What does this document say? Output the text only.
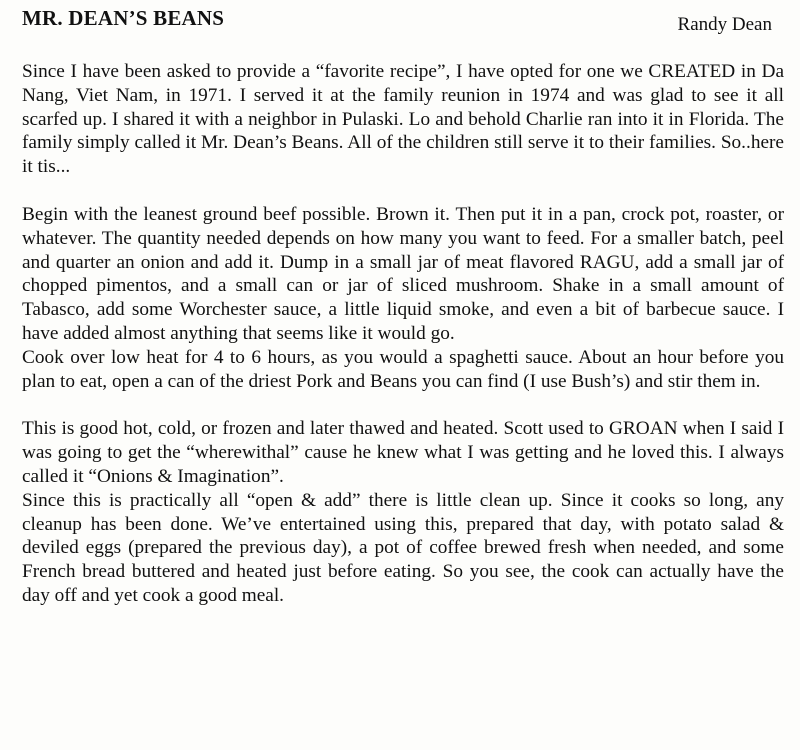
MR. DEAN’S BEANS	Randy Dean

Since I have been asked to provide a “favorite recipe”, I have opted for one we CREATED in Da Nang, Viet Nam, in 1971. I served it at the family reunion in 1974 and was glad to see it all scarfed up. I shared it with a neighbor in Pulaski. Lo and behold Charlie ran into it in Florida. The family simply called it Mr. Dean’s Beans. All of the children still serve it to their families. So..here it tis...

Begin with the leanest ground beef possible. Brown it. Then put it in a pan, crock pot, roaster, or whatever. The quantity needed depends on how many you want to feed. For a smaller batch, peel and quarter an onion and add it. Dump in a small jar of meat flavored RAGU, add a small jar of chopped pimentos, and a small can or jar of sliced mushroom. Shake in a small amount of Tabasco, add some Worchester sauce, a little liquid smoke, and even a bit of barbecue sauce. I have added almost anything that seems like it would go.

Cook over low heat for 4 to 6 hours, as you would a spaghetti sauce. About an hour before you plan to eat, open a can of the driest Pork and Beans you can find (I use Bush’s) and stir them in.

This is good hot, cold, or frozen and later thawed and heated. Scott used to GROAN when I said I was going to get the “wherewithal” cause he knew what I was getting and he loved this. I always called it “Onions & Imagination”.

Since this is practically all “open & add” there is little clean up. Since it cooks so long, any cleanup has been done. We’ve entertained using this, prepared that day, with potato salad & deviled eggs (prepared the previous day), a pot of coffee brewed fresh when needed, and some French bread buttered and heated just before eating. So you see, the cook can actually have the day off and yet cook a good meal.
